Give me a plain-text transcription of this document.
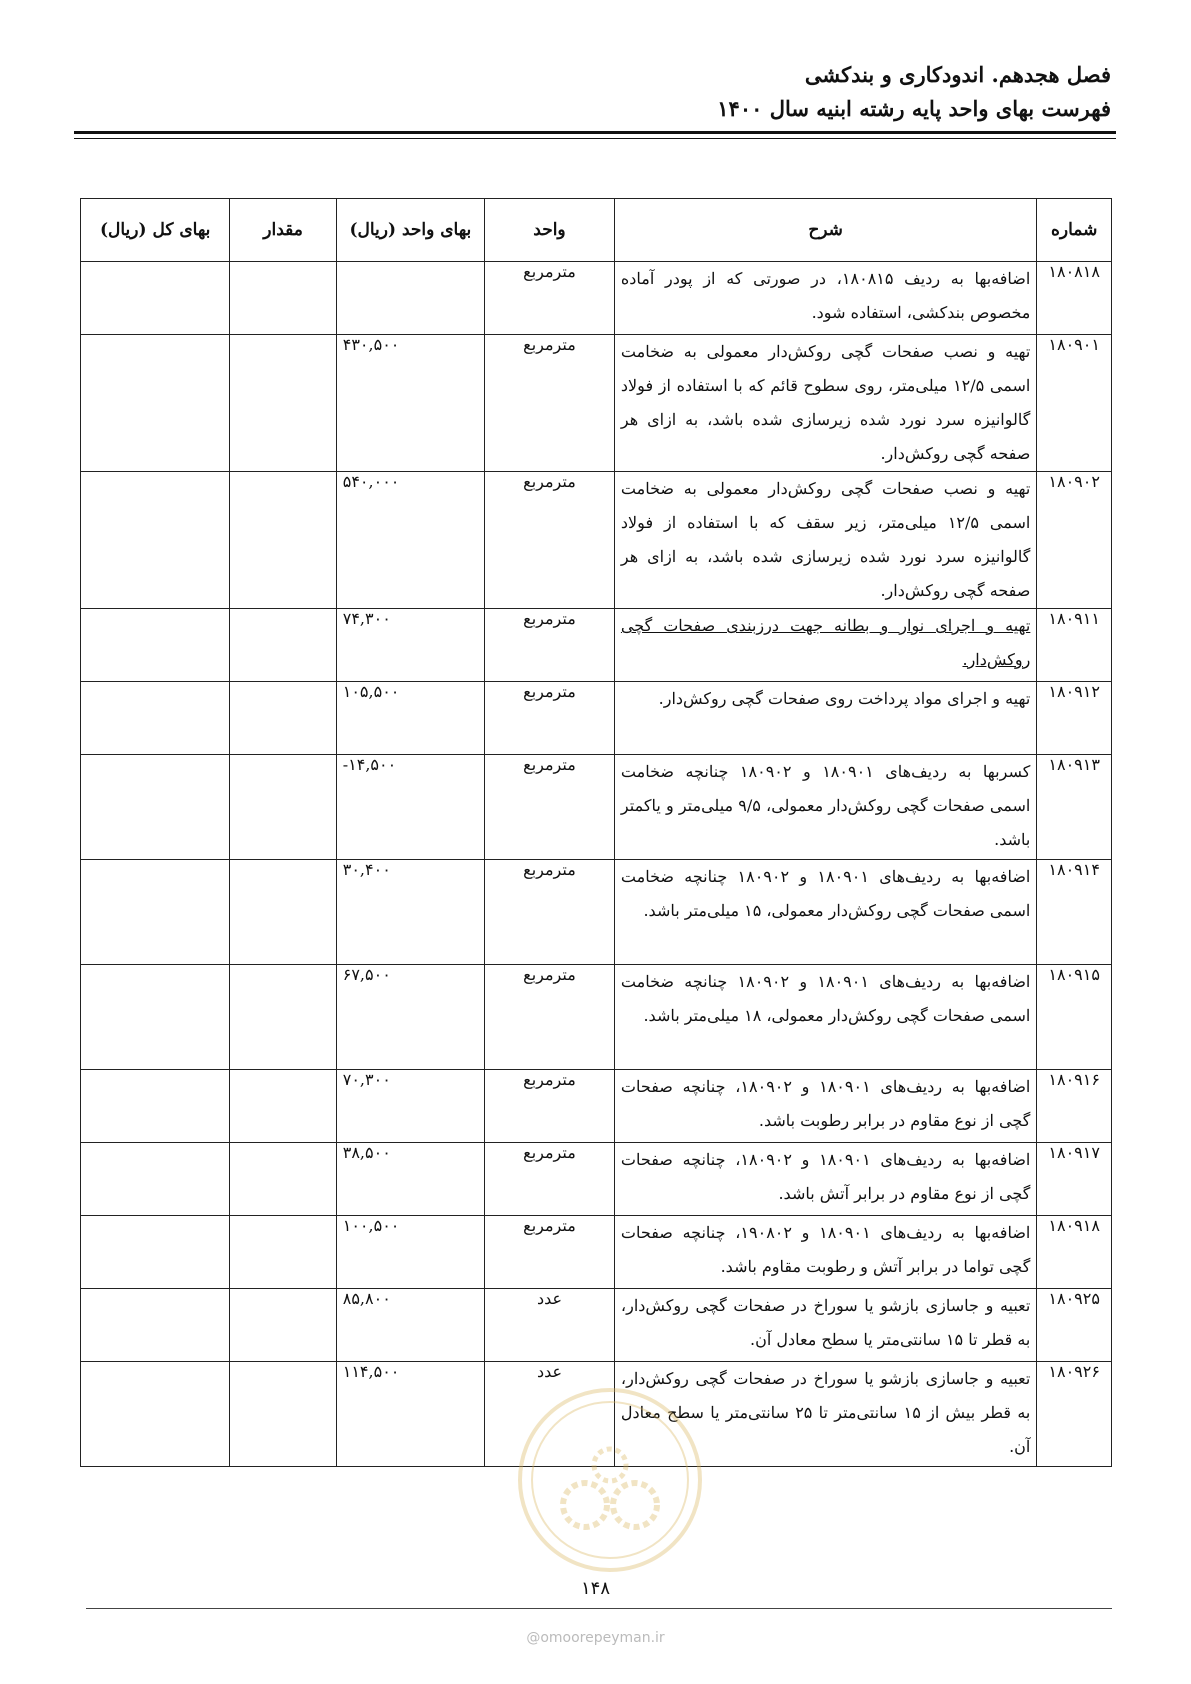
فصل هجدهم. اندودکاری و بندکشی
فهرست بهای واحد پایه رشته ابنیه سال ۱۴۰۰
شماره	شرح	واحد	بهای واحد (ریال)	مقدار	بهای کل (ریال)
۱۸۰۸۱۸	اضافه‌بها به ردیف ۱۸۰۸۱۵، در صورتی که از پودر آماده مخصوص بندکشی، استفاده شود.	مترمربع			
۱۸۰۹۰۱	تهیه و نصب صفحات گچی روکش‌دار معمولی به ضخامت اسمی ۱۲/۵ میلی‌متر، روی سطوح قائم که با استفاده از فولاد گالوانیزه سرد نورد شده زیرسازی شده باشد، به ازای هر صفحه گچی روکش‌دار.	مترمربع	۴۳۰,۵۰۰		
۱۸۰۹۰۲	تهیه و نصب صفحات گچی روکش‌دار معمولی به ضخامت اسمی ۱۲/۵ میلی‌متر، زیر سقف که با استفاده از فولاد گالوانیزه سرد نورد شده زیرسازی شده باشد، به ازای هر صفحه گچی روکش‌دار.	مترمربع	۵۴۰,۰۰۰		
۱۸۰۹۱۱	تهیه و اجرای نوار و بطانه جهت درزبندی صفحات گچی روکش‌دار.	مترمربع	۷۴,۳۰۰		
۱۸۰۹۱۲	تهیه و اجرای مواد پرداخت روی صفحات گچی روکش‌دار.	مترمربع	۱۰۵,۵۰۰		
۱۸۰۹۱۳	کسربها به ردیف‌های ۱۸۰۹۰۱ و ۱۸۰۹۰۲ چنانچه ضخامت اسمی صفحات گچی روکش‌دار معمولی، ۹/۵ میلی‌متر و یاکمتر باشد.	مترمربع	-۱۴,۵۰۰		
۱۸۰۹۱۴	اضافه‌بها به ردیف‌های ۱۸۰۹۰۱ و ۱۸۰۹۰۲ چنانچه ضخامت اسمی صفحات گچی روکش‌دار معمولی، ۱۵ میلی‌متر باشد.	مترمربع	۳۰,۴۰۰		
۱۸۰۹۱۵	اضافه‌بها به ردیف‌های ۱۸۰۹۰۱ و ۱۸۰۹۰۲ چنانچه ضخامت اسمی صفحات گچی روکش‌دار معمولی، ۱۸ میلی‌متر باشد.	مترمربع	۶۷,۵۰۰		
۱۸۰۹۱۶	اضافه‌بها به ردیف‌های ۱۸۰۹۰۱ و ۱۸۰۹۰۲، چنانچه صفحات گچی از نوع مقاوم در برابر رطوبت باشد.	مترمربع	۷۰,۳۰۰		
۱۸۰۹۱۷	اضافه‌بها به ردیف‌های ۱۸۰۹۰۱ و ۱۸۰۹۰۲، چنانچه صفحات گچی از نوع مقاوم در برابر آتش باشد.	مترمربع	۳۸,۵۰۰		
۱۸۰۹۱۸	اضافه‌بها به ردیف‌های ۱۸۰۹۰۱ و ۱۹۰۸۰۲، چنانچه صفحات گچی تواما در برابر آتش و رطوبت مقاوم باشد.	مترمربع	۱۰۰,۵۰۰		
۱۸۰۹۲۵	تعبیه و جاسازی بازشو یا سوراخ در صفحات گچی روکش‌دار، به قطر تا ۱۵ سانتی‌متر یا سطح معادل آن.	عدد	۸۵,۸۰۰		
۱۸۰۹۲۶	تعبیه و جاسازی بازشو یا سوراخ در صفحات گچی روکش‌دار، به قطر بیش از ۱۵ سانتی‌متر تا ۲۵ سانتی‌متر یا سطح معادل آن.	عدد	۱۱۴,۵۰۰		
۱۴۸
@omoorepeyman.ir
